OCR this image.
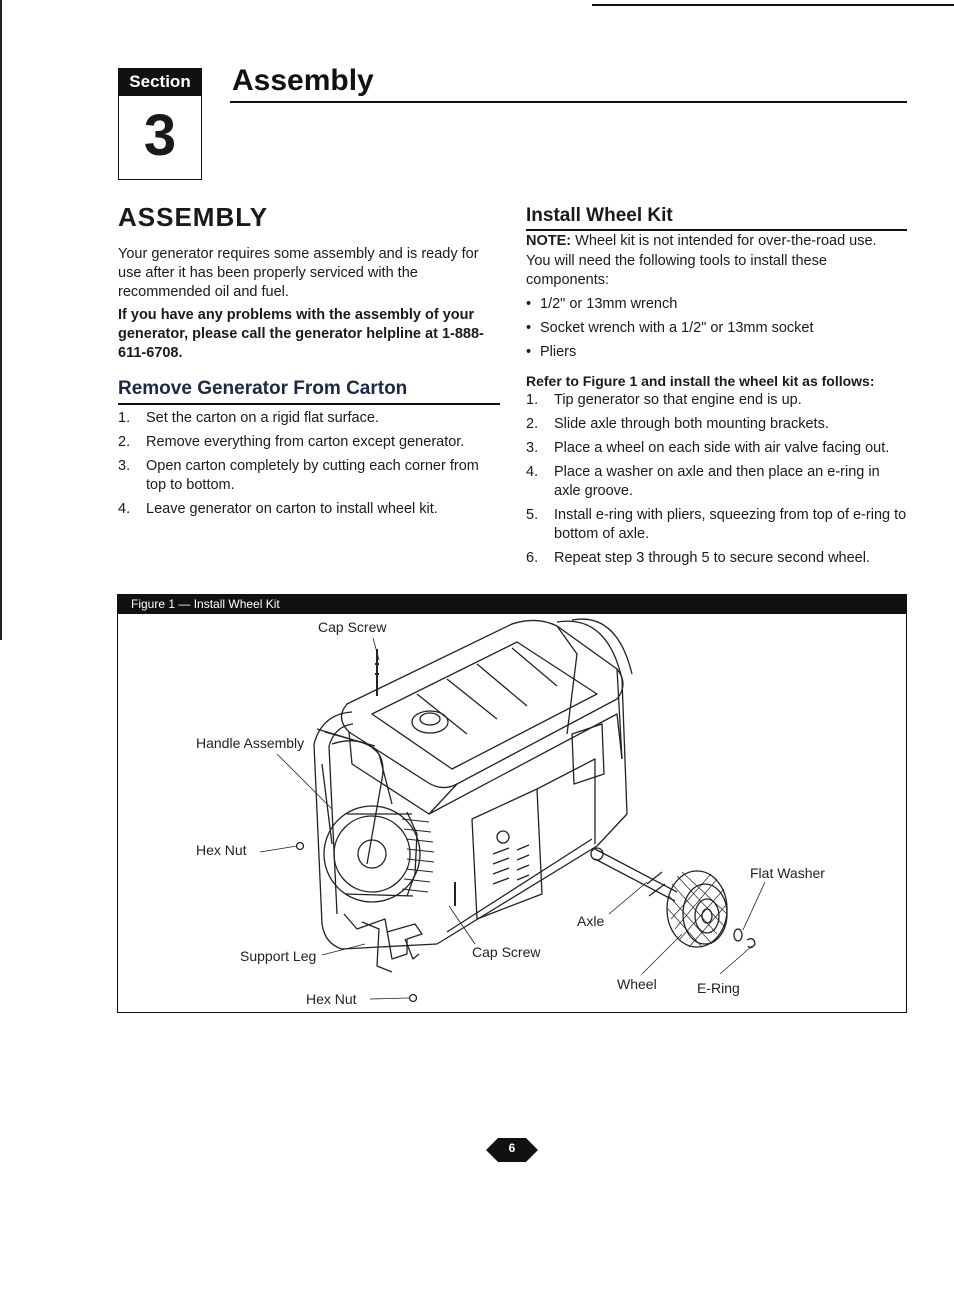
Section
3
Assembly
ASSEMBLY
Your generator requires some assembly and is ready for use after it has been properly serviced with the recommended oil and fuel.
If you have any problems with the assembly of your generator, please call the generator helpline at 1-888-611-6708.
Remove Generator From Carton
1. Set the carton on a rigid flat surface.
2. Remove everything from carton except generator.
3. Open carton completely by cutting each corner from top to bottom.
4. Leave generator on carton to install wheel kit.
Install Wheel Kit
NOTE: Wheel kit is not intended for over-the-road use.
You will need the following tools to install these components:
• 1/2" or 13mm wrench
• Socket wrench with a 1/2" or 13mm socket
• Pliers
Refer to Figure 1 and install the wheel kit as follows:
1. Tip generator so that engine end is up.
2. Slide axle through both mounting brackets.
3. Place a wheel on each side with air valve facing out.
4. Place a washer on axle and then place an e-ring in axle groove.
5. Install e-ring with pliers, squeezing from top of e-ring to bottom of axle.
6. Repeat step 3 through 5 to secure second wheel.
Figure 1 — Install Wheel Kit
Cap Screw
Handle Assembly
Hex Nut
Support Leg
Hex Nut
Cap Screw
Axle
Wheel	E-Ring
Flat Washer
6
